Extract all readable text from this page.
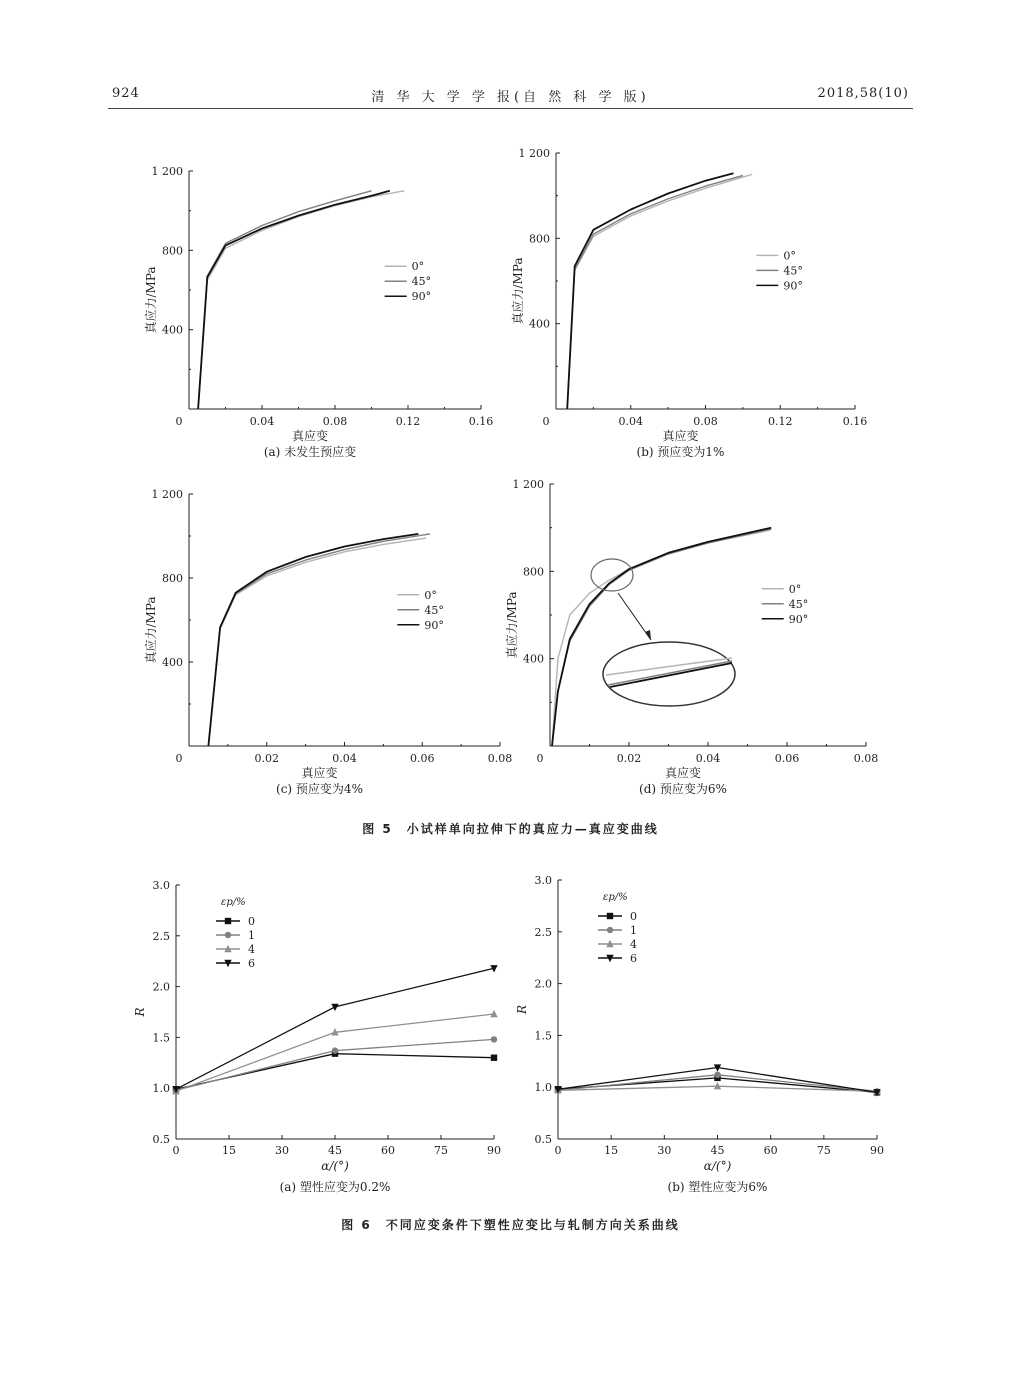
924	清 华 大 学 学 报(自 然 科 学 版)	2018,58(10)
0	0.04	0.08	0.12	0.16
400
800
1 200
真应变
(a) 未发生预应变
真应力/MPa	0°
45°
90°
0	0.04	0.08	0.12	0.16
400
800
1 200
真应变
(b) 预应变为1%
真应力/MPa
0°
45°
90°
0	0.02	0.04	0.06	0.08
400
800
1 200
真应变
(c) 预应变为4%
真应力/MPa
0°
45°
90°
0	0.02	0.04	0.06	0.08
400
800
1 200
真应变
(d) 预应变为6%
真应力/MPa
0°
45°
90°
0	15	30	45	60	75	90
0.5
1.0
1.5
2.0
2.5
3.0
α/(°)
(a) 塑性应变为0.2%
R
εp/%
0
1
4
6
0	15	30	45	60	75	90
0.5
1.0
1.5
2.0
2.5
3.0
α/(°)
(b) 塑性应变为6%
R
εp/%
0
1
4
6
图 5　小试样单向拉伸下的真应力—真应变曲线
图 6　不同应变条件下塑性应变比与轧制方向关系曲线
